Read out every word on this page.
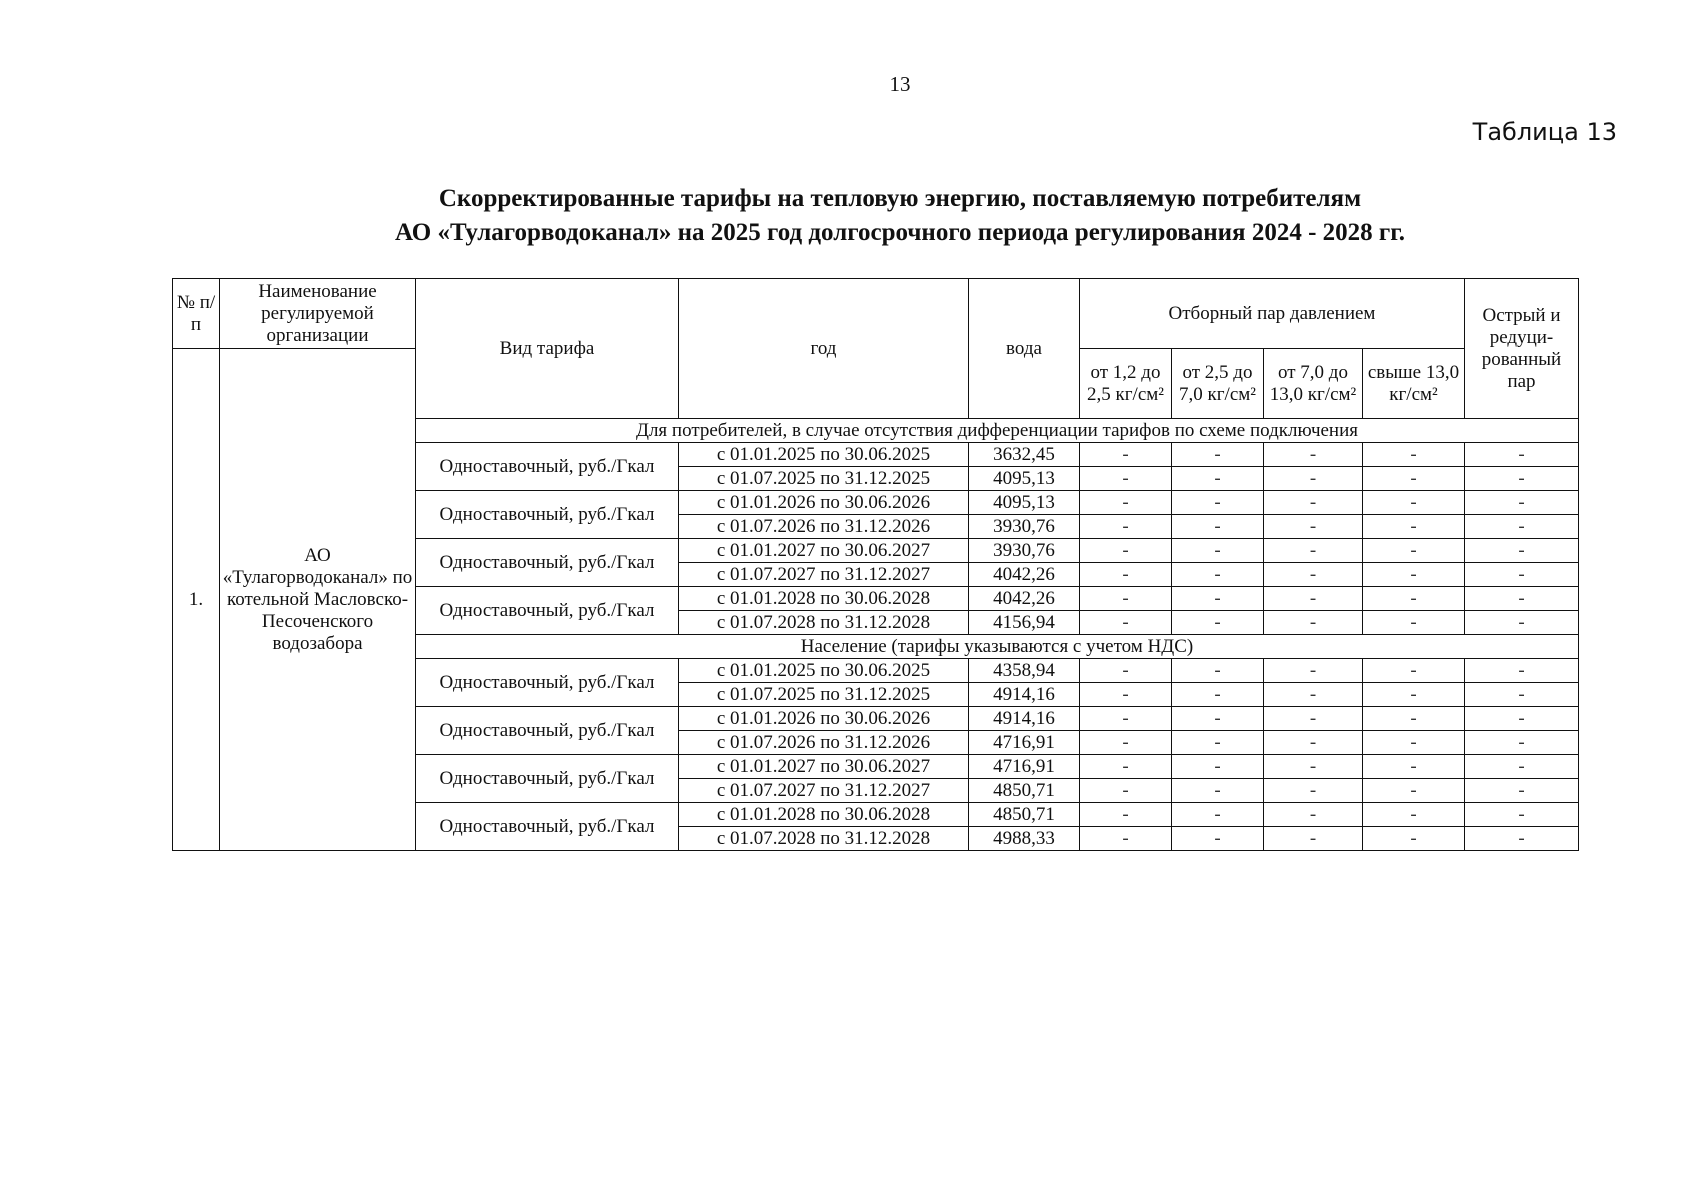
13
Таблица 13
Скорректированные тарифы на тепловую энергию, поставляемую потребителям
АО «Тулагорводоканал» на 2025 год долгосрочного периода регулирования 2024 - 2028 гг.
№ п/п	Наименование регулируемой организации	Вид тарифа	год	вода	Отборный пар давлением				Острый и редуци-рованный пар
1.	АО «Тулагорводоканал» по котельной Масловско-Песоченского водозабора				от 1,2 до 2,5 кг/см²	от 2,5 до 7,0 кг/см²	от 7,0 до 13,0 кг/см²	свыше 13,0 кг/см²	
		Для потребителей, в случае отсутствия дифференциации тарифов по схеме подключения							
		Одноставочный, руб./Гкал	с 01.01.2025 по 30.06.2025	3632,45	-	-	-	-	-
			с 01.07.2025 по 31.12.2025	4095,13	-	-	-	-	-
		Одноставочный, руб./Гкал	с 01.01.2026 по 30.06.2026	4095,13	-	-	-	-	-
			с 01.07.2026 по 31.12.2026	3930,76	-	-	-	-	-
		Одноставочный, руб./Гкал	с 01.01.2027 по 30.06.2027	3930,76	-	-	-	-	-
			с 01.07.2027 по 31.12.2027	4042,26	-	-	-	-	-
		Одноставочный, руб./Гкал	с 01.01.2028 по 30.06.2028	4042,26	-	-	-	-	-
			с 01.07.2028 по 31.12.2028	4156,94	-	-	-	-	-
		Население (тарифы указываются с учетом НДС)							
		Одноставочный, руб./Гкал	с 01.01.2025 по 30.06.2025	4358,94	-	-	-	-	-
			с 01.07.2025 по 31.12.2025	4914,16	-	-	-	-	-
		Одноставочный, руб./Гкал	с 01.01.2026 по 30.06.2026	4914,16	-	-	-	-	-
			с 01.07.2026 по 31.12.2026	4716,91	-	-	-	-	-
		Одноставочный, руб./Гкал	с 01.01.2027 по 30.06.2027	4716,91	-	-	-	-	-
			с 01.07.2027 по 31.12.2027	4850,71	-	-	-	-	-
		Одноставочный, руб./Гкал	с 01.01.2028 по 30.06.2028	4850,71	-	-	-	-	-
			с 01.07.2028 по 31.12.2028	4988,33	-	-	-	-	-
